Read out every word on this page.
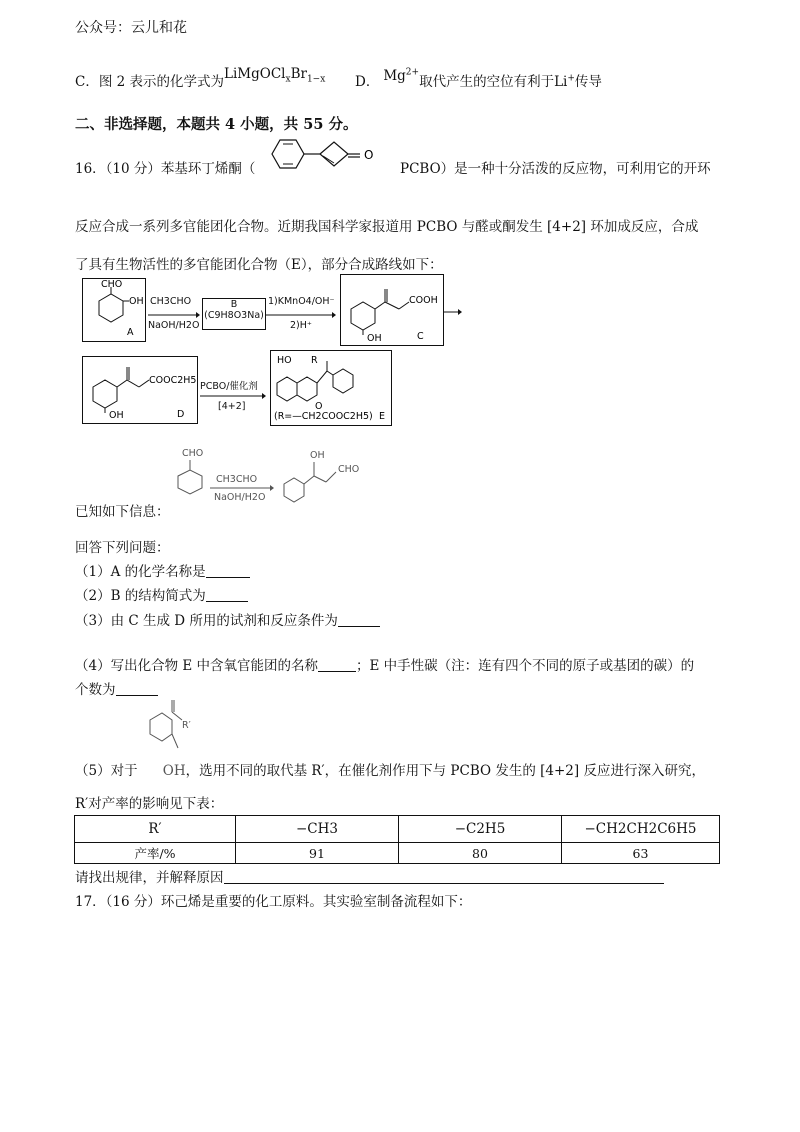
公众号：云儿和花
C．图 2 表示的化学式为$LiMgOCl_xBr_{1-x}$ D． $Mg^{2+}$取代产生的空位有利于Li+传导
二、非选择题，本题共 4 小题，共 55 分。
16．（10 分）苯基环丁烯酮（
O
PCBO）是一种十分活泼的反应物，可利用它的开环
反应合成一系列多官能团化合物。近期我国科学家报道用 PCBO 与醛或酮发生 [4+2] 环加成反应，合成
了具有生物活性的多官能团化合物（E），部分合成路线如下：
CHO
OH
A
CH3CHO
NaOH/H2O
B
(C9H8O3Na)
1)KMnO4/OH⁻
2)H⁺
COOH
OH	C
COOC2H5
OH	D
PCBO/催化剂
[4+2]
HO R
O
(R=—CH2COOC2H5) E
CHO
CH3CHO
NaOH/H2O
OH
CHO
已知如下信息：
回答下列问题：
（1）A 的化学名称是
（2）B 的结构简式为
（3）由 C 生成 D 所用的试剂和反应条件为
（4）写出化合物 E 中含氧官能团的名称	；E 中手性碳（注：连有四个不同的原子或基团的碳）的
个数为
R′
（5）对于 OH，选用不同的取代基 R′，在催化剂作用下与 PCBO 发生的 [4+2] 反应进行深入研究，
R′对产率的影响见下表：
R′	−CH3	−C2H5	−CH2CH2C6H5
产率/%	91	80	63
请找出规律，并解释原因
17．（16 分）环己烯是重要的化工原料。其实验室制备流程如下：
